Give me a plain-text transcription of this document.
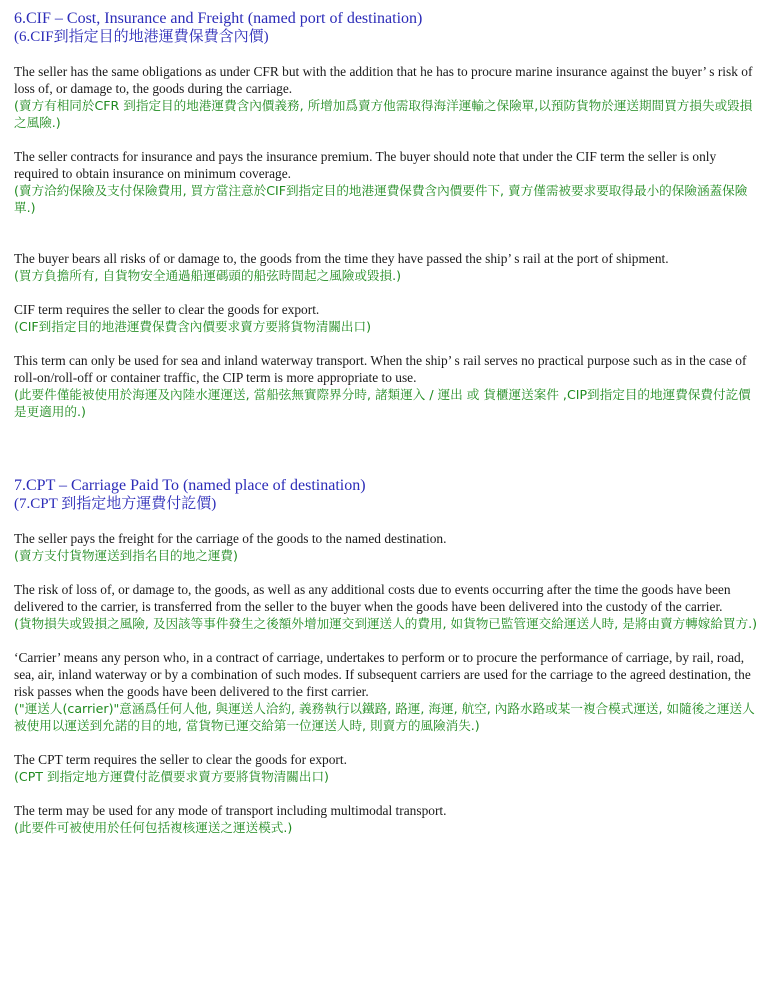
6.CIF – Cost, Insurance and Freight (named port of destination)

(6.CIF到指定目的地港運費保費含內價)

The seller has the same obligations as under CFR but with the addition that he has to procure marine insurance against the buyer’ s risk of loss of, or damage to, the goods during the carriage.

(賣方有相同於CFR 到指定目的地港運費含內價義務, 所增加爲賣方他需取得海洋運輸之保險單,以預防貨物於運送期間買方損失或毀損之風險.)

The seller contracts for insurance and pays the insurance premium. The buyer should note that under the CIF term the seller is only required to obtain insurance on minimum coverage.

(賣方洽約保險及支付保險費用, 買方當注意於CIF到指定目的地港運費保費含內價要件下, 賣方僅需被要求要取得最小的保險涵蓋保險單.)

The buyer bears all risks of or damage to, the goods from the time they have passed the ship’ s rail at the port of shipment.

(買方負擔所有, 自貨物安全通過船運碼頭的船弦時間起之風險或毀損.)

CIF term requires the seller to clear the goods for export.

(CIF到指定目的地港運費保費含內價要求賣方要將貨物清關出口)

This term can only be used for sea and inland waterway transport. When the ship’ s rail serves no practical purpose such as in the case of roll-on/roll-off or container traffic, the CIP term is more appropriate to use.

(此要件僅能被使用於海運及內陸水運運送, 當船弦無實際界分時, 諸類運入 / 運出 或 貨櫃運送案件 ,CIP到指定目的地運費保費付訖價是更適用的.)

7.CPT – Carriage Paid To (named place of destination)

(7.CPT 到指定地方運費付訖價)

The seller pays the freight for the carriage of the goods to the named destination.

(賣方支付貨物運送到指名目的地之運費)

The risk of loss of, or damage to, the goods, as well as any additional costs due to events occurring after the time the goods have been delivered to the carrier, is transferred from the seller to the buyer when the goods have been delivered into the custody of the carrier.

(貨物損失或毀損之風險, 及因該等事件發生之後額外增加運交到運送人的費用, 如貨物已監管運交給運送人時, 是將由賣方轉嫁給買方.)

‘Carrier’ means any person who, in a contract of carriage, undertakes to perform or to procure the performance of carriage, by rail, road, sea, air, inland waterway or by a combination of such modes. If subsequent carriers are used for the carriage to the agreed destination, the risk passes when the goods have been delivered to the first carrier.

("運送人(carrier)"意涵爲任何人他, 與運送人洽約, 義務執行以鐵路, 路運, 海運, 航空, 內路水路或某一複合模式運送, 如隨後之運送人被使用以運送到允諾的目的地, 當貨物已運交給第一位運送人時, 則賣方的風險消失.)

The CPT term requires the seller to clear the goods for export.

(CPT 到指定地方運費付訖價要求賣方要將貨物清關出口)

The term may be used for any mode of transport including multimodal transport.

(此要件可被使用於任何包括複核運送之運送模式.)
